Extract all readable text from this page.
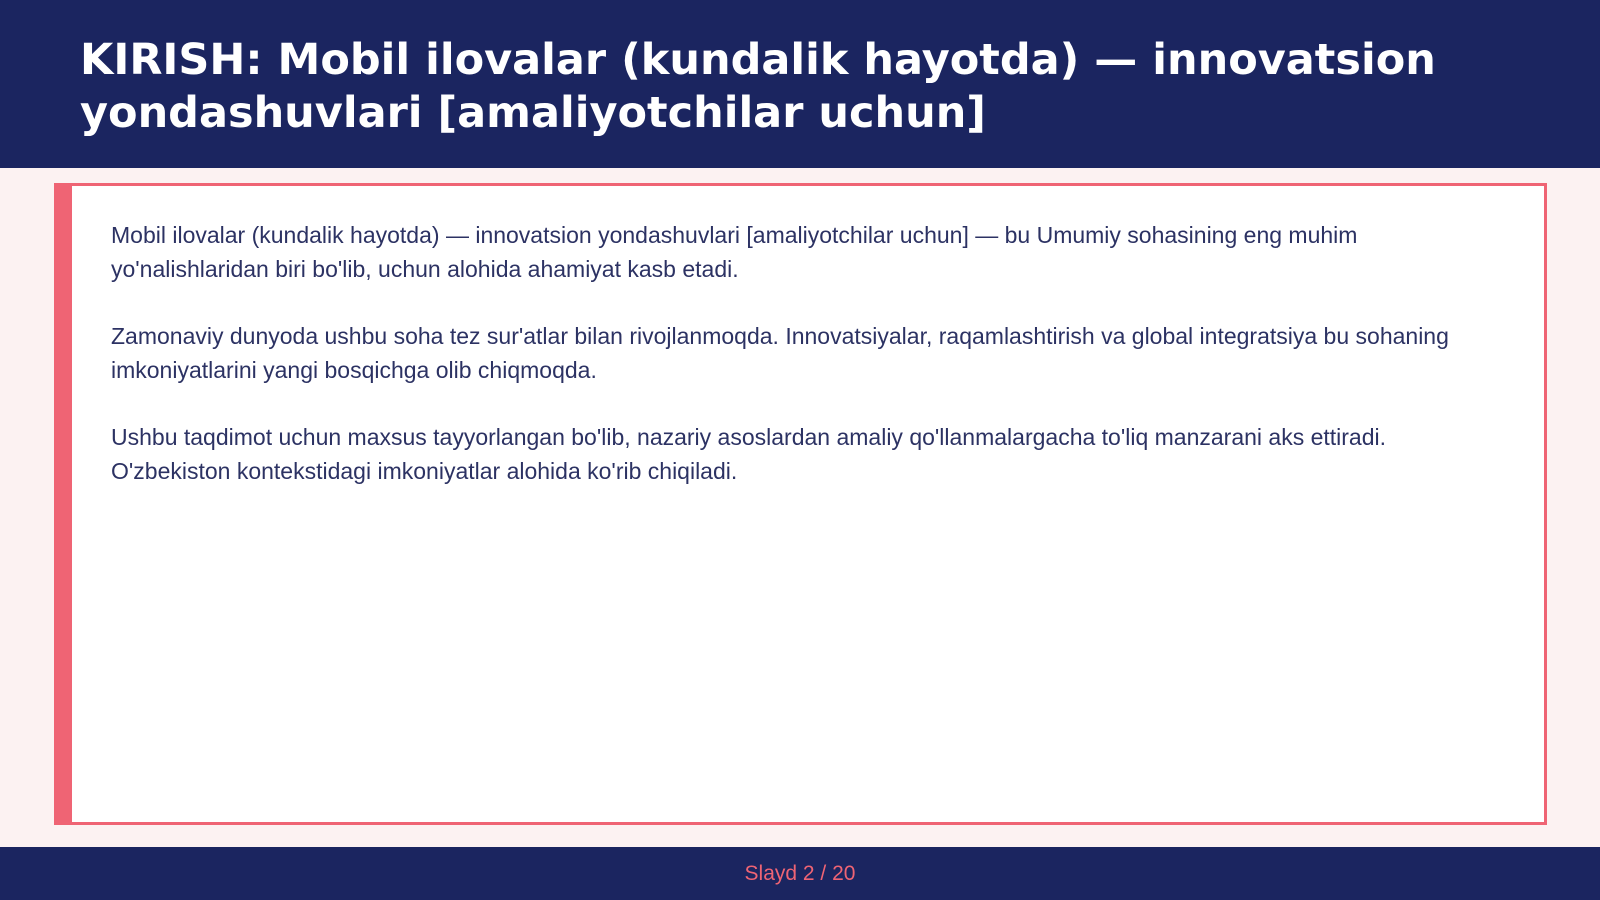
KIRISH: Mobil ilovalar (kundalik hayotda) — innovatsion yondashuvlari [amaliyotchilar uchun]

Mobil ilovalar (kundalik hayotda) — innovatsion yondashuvlari [amaliyotchilar uchun] — bu Umumiy sohasining eng muhim yo'nalishlaridan biri bo'lib, uchun alohida ahamiyat kasb etadi.

Zamonaviy dunyoda ushbu soha tez sur'atlar bilan rivojlanmoqda. Innovatsiyalar, raqamlashtirish va global integratsiya bu sohaning imkoniyatlarini yangi bosqichga olib chiqmoqda.

Ushbu taqdimot uchun maxsus tayyorlangan bo'lib, nazariy asoslardan amaliy qo'llanmalargacha to'liq manzarani aks ettiradi. O'zbekiston kontekstidagi imkoniyatlar alohida ko'rib chiqiladi.

Slayd 2 / 20
